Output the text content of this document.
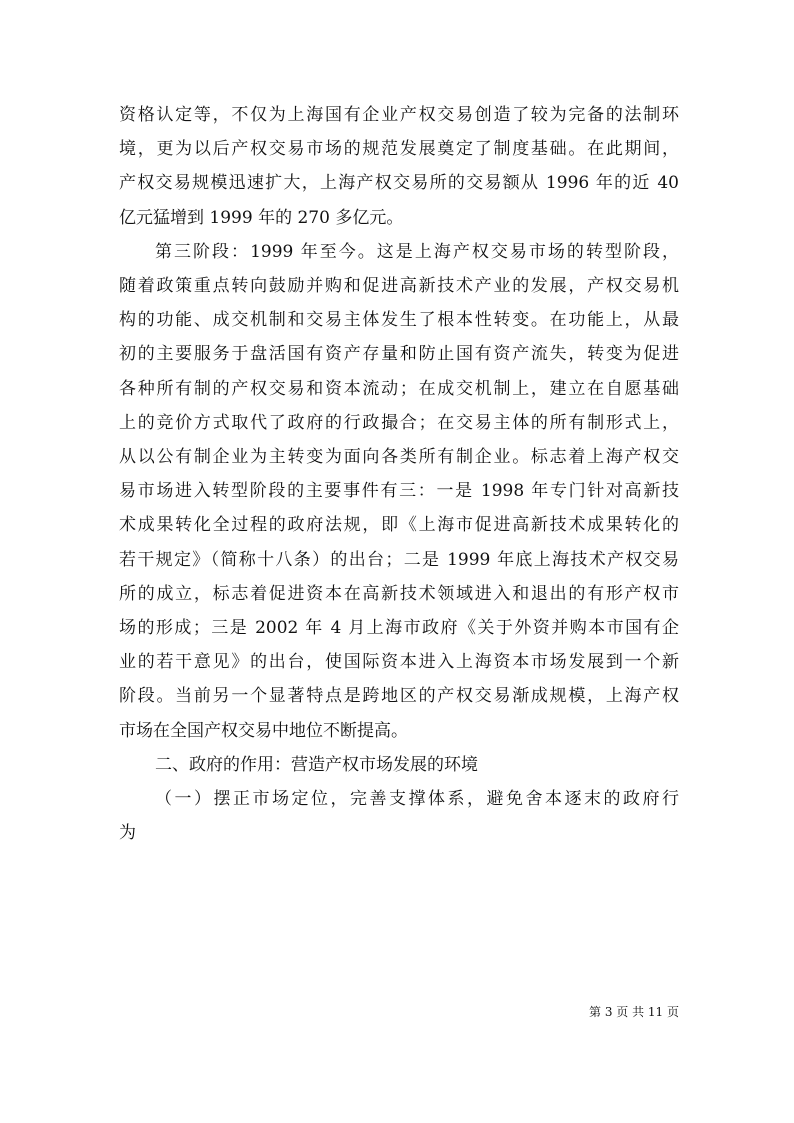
资格认定等，不仅为上海国有企业产权交易创造了较为完备的法制环
境，更为以后产权交易市场的规范发展奠定了制度基础。在此期间，
产权交易规模迅速扩大，上海产权交易所的交易额从 1996 年的近 40
亿元猛增到 1999 年的 270 多亿元。
第三阶段：1999 年至今。这是上海产权交易市场的转型阶段，
随着政策重点转向鼓励并购和促进高新技术产业的发展，产权交易机
构的功能、成交机制和交易主体发生了根本性转变。在功能上，从最
初的主要服务于盘活国有资产存量和防止国有资产流失，转变为促进
各种所有制的产权交易和资本流动；在成交机制上，建立在自愿基础
上的竞价方式取代了政府的行政撮合；在交易主体的所有制形式上，
从以公有制企业为主转变为面向各类所有制企业。标志着上海产权交
易市场进入转型阶段的主要事件有三：一是 1998 年专门针对高新技
术成果转化全过程的政府法规，即《上海市促进高新技术成果转化的
若干规定》（简称十八条）的出台；二是 1999 年底上海技术产权交易
所的成立，标志着促进资本在高新技术领域进入和退出的有形产权市
场的形成；三是 2002 年 4 月上海市政府《关于外资并购本市国有企
业的若干意见》的出台，使国际资本进入上海资本市场发展到一个新
阶段。当前另一个显著特点是跨地区的产权交易渐成规模，上海产权
市场在全国产权交易中地位不断提高。
二、政府的作用：营造产权市场发展的环境
（一）摆正市场定位，完善支撑体系，避免舍本逐末的政府行
为
第 3 页 共 11 页
